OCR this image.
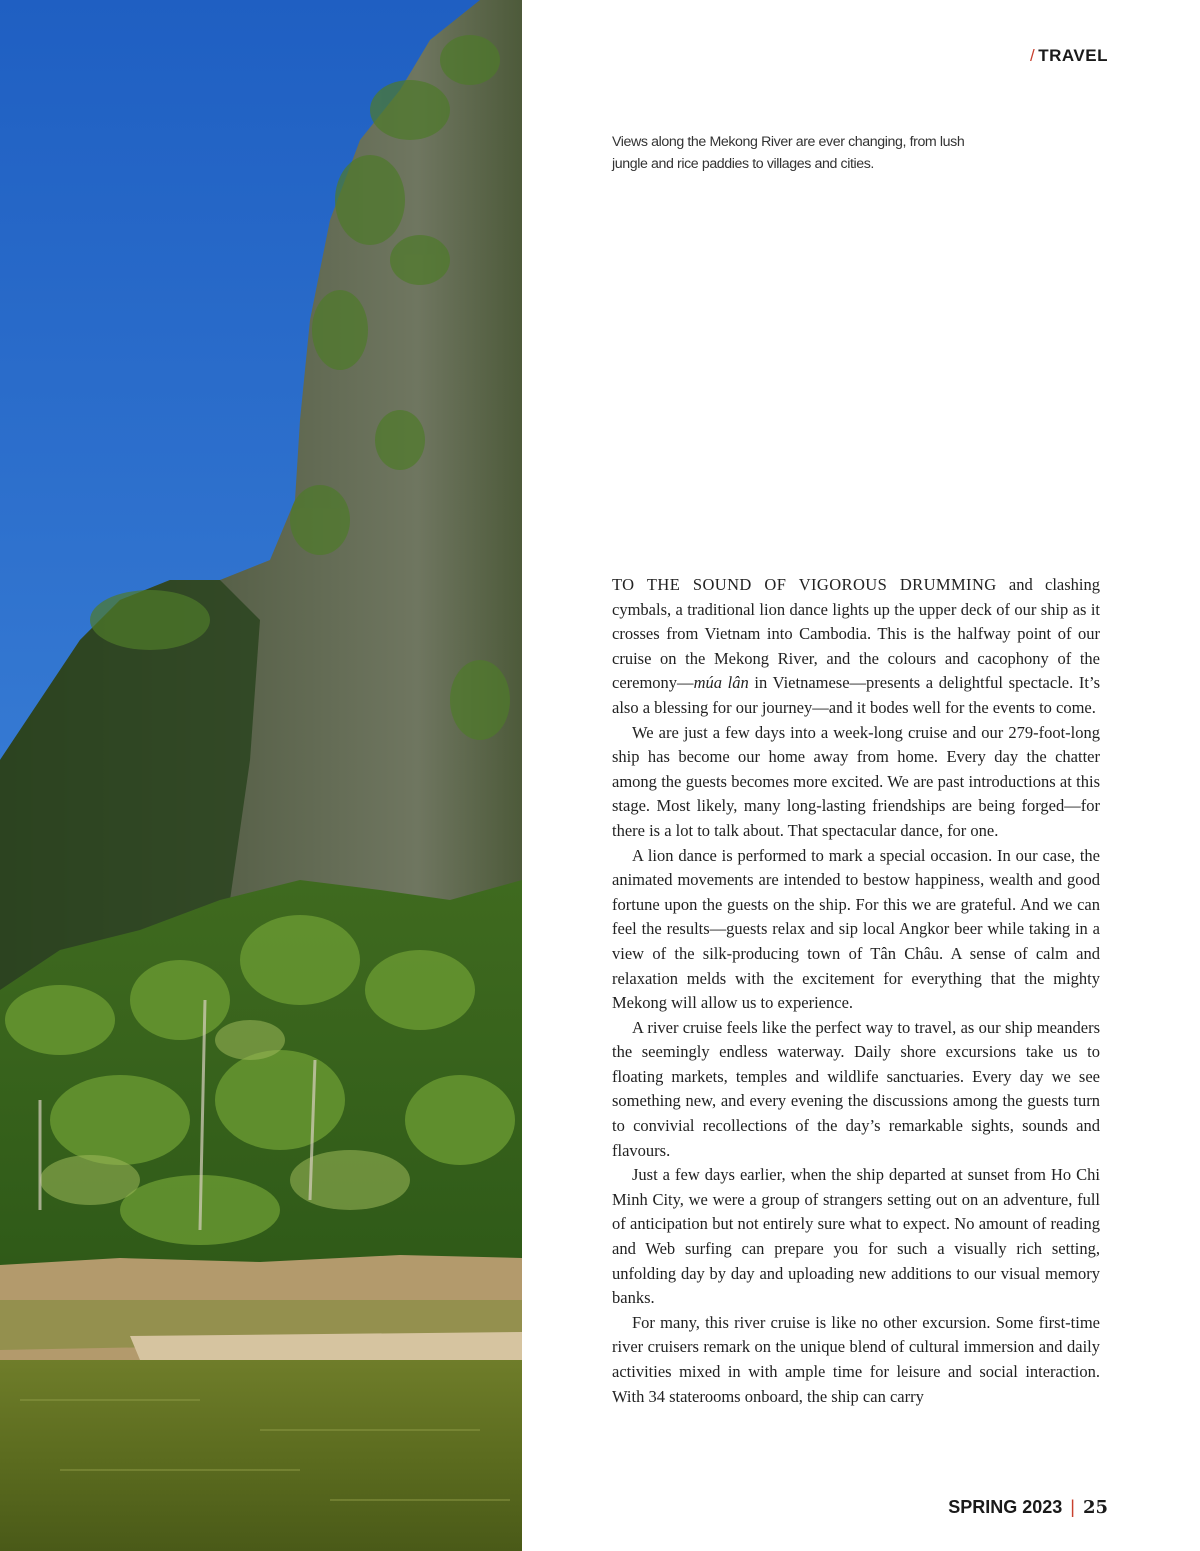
/ TRAVEL
Views along the Mekong River are ever changing, from lush jungle and rice paddies to villages and cities.

TO THE SOUND OF VIGOROUS DRUMMING and clashing cymbals, a traditional lion dance lights up the upper deck of our ship as it crosses from Vietnam into Cambodia. This is the halfway point of our cruise on the Mekong River, and the colours and cacophony of the ceremony—múa lân in Vietnamese—presents a delightful spectacle. It’s also a blessing for our journey—and it bodes well for the events to come.

We are just a few days into a week-long cruise and our 279-foot-long ship has become our home away from home. Every day the chatter among the guests becomes more excited. We are past introductions at this stage. Most likely, many long-lasting friendships are being forged—for there is a lot to talk about. That spectacular dance, for one.

A lion dance is performed to mark a special occasion. In our case, the animated movements are intended to bestow happiness, wealth and good fortune upon the guests on the ship. For this we are grateful. And we can feel the results—guests relax and sip local Angkor beer while taking in a view of the silk-producing town of Tân Châu. A sense of calm and relaxation melds with the excitement for everything that the mighty Mekong will allow us to experience.

A river cruise feels like the perfect way to travel, as our ship meanders the seemingly endless waterway. Daily shore excursions take us to floating markets, temples and wildlife sanctuaries. Every day we see something new, and every evening the discussions among the guests turn to convivial recollections of the day’s remarkable sights, sounds and flavours.

Just a few days earlier, when the ship departed at sunset from Ho Chi Minh City, we were a group of strangers setting out on an adventure, full of anticipation but not entirely sure what to expect. No amount of reading and Web surfing can prepare you for such a visually rich setting, unfolding day by day and uploading new additions to our visual memory banks.

For many, this river cruise is like no other excursion. Some first-time river cruisers remark on the unique blend of cultural immersion and daily activities mixed in with ample time for leisure and social interaction. With 34 staterooms onboard, the ship can carry

SPRING 2023 | 25
